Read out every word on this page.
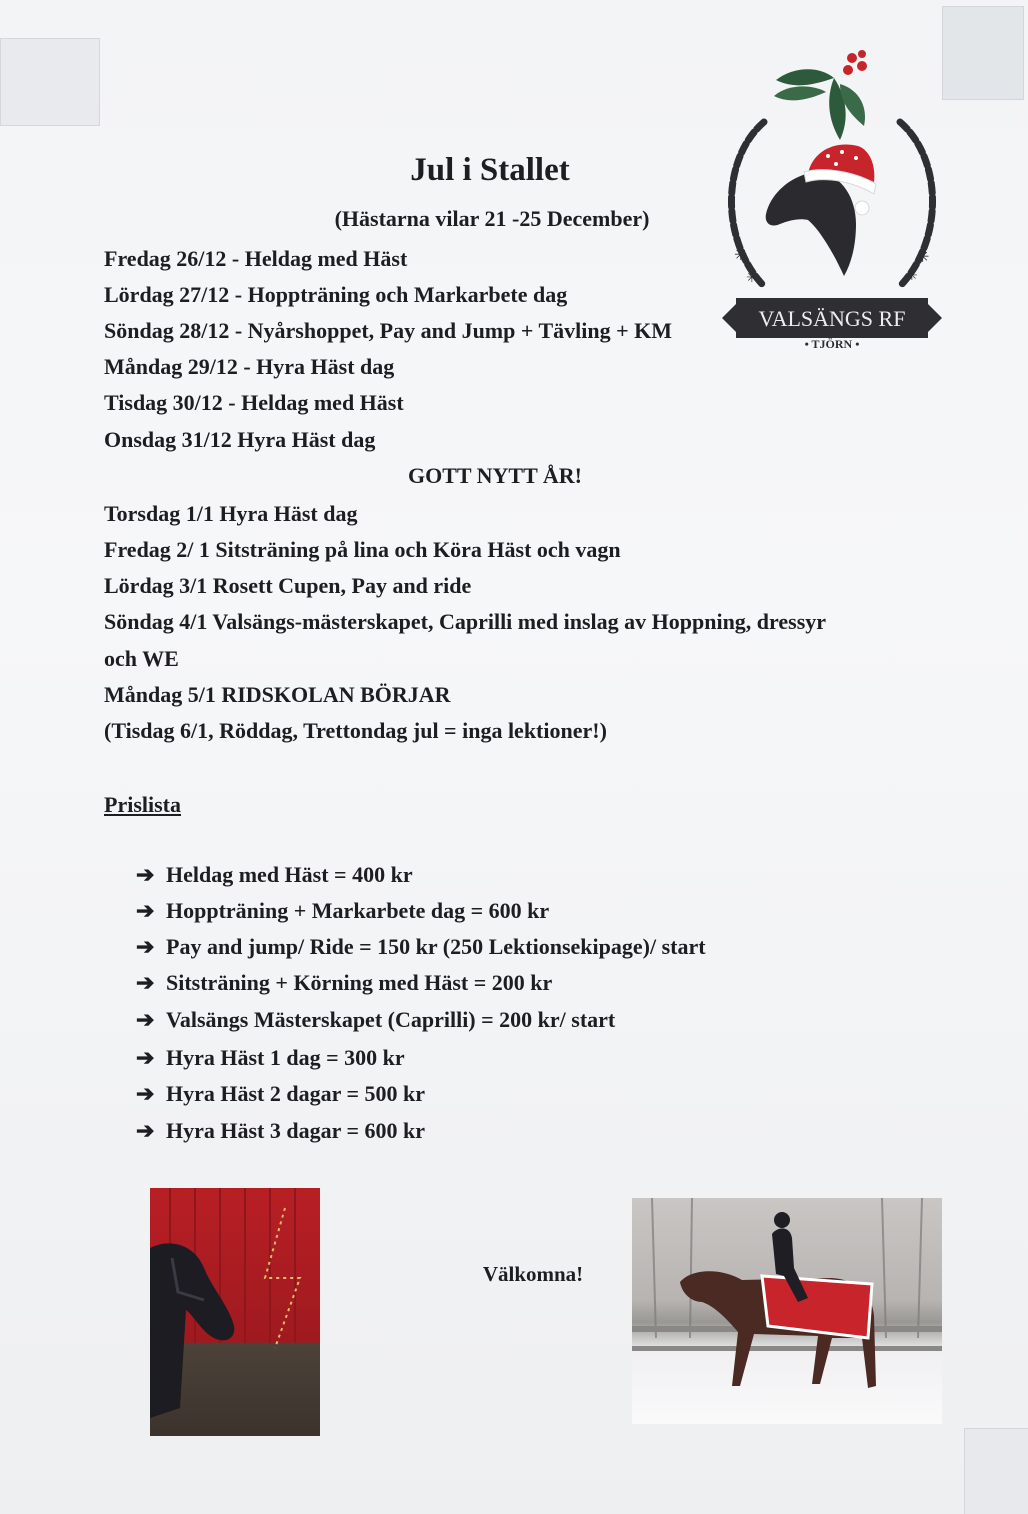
✳
✳	✳
✳
VALSÄNGS RF
• TJÖRN •
Jul i Stallet
(Hästarna vilar 21 -25 December)
Fredag 26/12 - Heldag med Häst
Lördag 27/12 - Hoppträning och Markarbete dag
Söndag 28/12 - Nyårshoppet, Pay and Jump + Tävling + KM
Måndag 29/12 - Hyra Häst dag
Tisdag 30/12 - Heldag med Häst
Onsdag 31/12 Hyra Häst dag
GOTT NYTT ÅR!
Torsdag 1/1 Hyra Häst dag
Fredag 2/ 1 Sitsträning på lina och Köra Häst och vagn
Lördag 3/1 Rosett Cupen, Pay and ride
Söndag 4/1 Valsängs-mästerskapet, Caprilli med inslag av Hoppning, dressyr
och WE
Måndag 5/1 RIDSKOLAN BÖRJAR
(Tisdag 6/1, Röddag, Trettondag jul = inga lektioner!)
Prislista
➔ Heldag med Häst = 400 kr
➔ Hoppträning + Markarbete dag = 600 kr
➔ Pay and jump/ Ride = 150 kr (250 Lektionsekipage)/ start
➔ Sitsträning + Körning med Häst = 200 kr
➔ Valsängs Mästerskapet (Caprilli) = 200 kr/ start
➔ Hyra Häst 1 dag = 300 kr
➔ Hyra Häst 2 dagar = 500 kr
➔ Hyra Häst 3 dagar = 600 kr
Välkomna!
